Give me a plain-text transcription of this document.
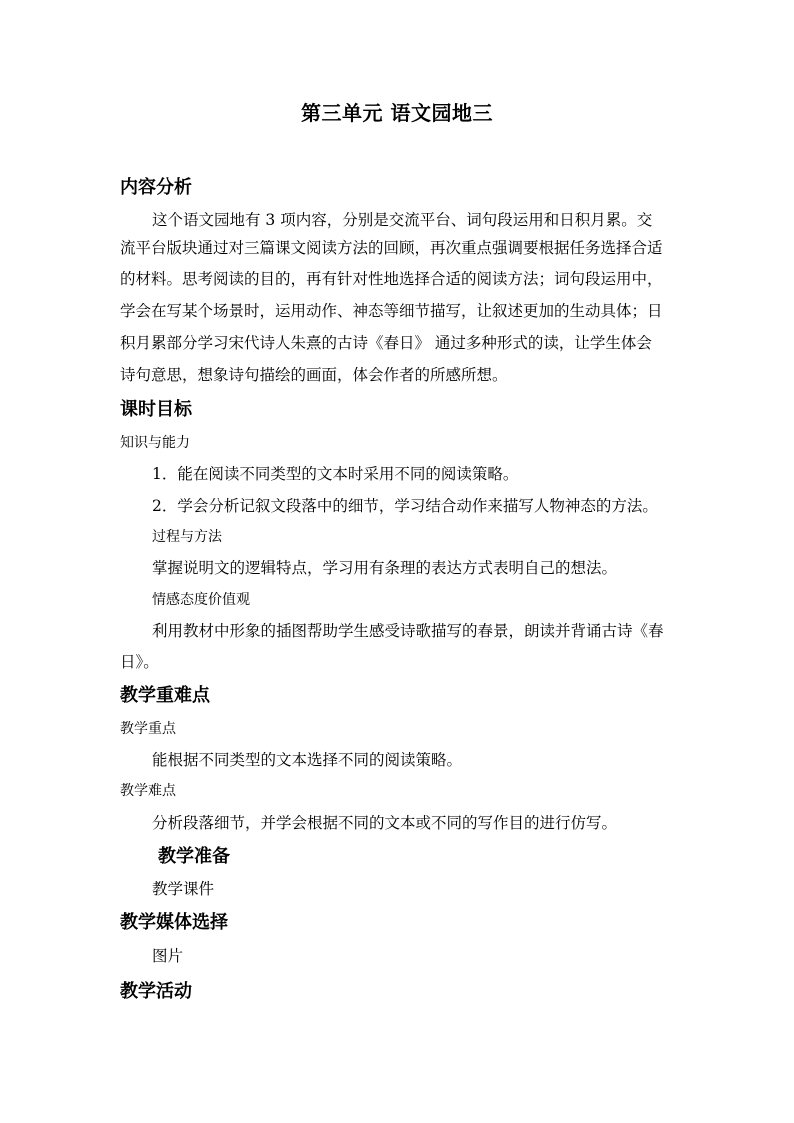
第三单元 语文园地三
内容分析
这个语文园地有 3 项内容，分别是交流平台、词句段运用和日积月累。交
流平台版块通过对三篇课文阅读方法的回顾，再次重点强调要根据任务选择合适
的材料。思考阅读的目的，再有针对性地选择合适的阅读方法；词句段运用中，
学会在写某个场景时，运用动作、神态等细节描写，让叙述更加的生动具体；日
积月累部分学习宋代诗人朱熹的古诗《春日》 通过多种形式的读，让学生体会
诗句意思，想象诗句描绘的画面，体会作者的所感所想。
课时目标
知识与能力
1．能在阅读不同类型的文本时采用不同的阅读策略。
2．学会分析记叙文段落中的细节，学习结合动作来描写人物神态的方法。
过程与方法
掌握说明文的逻辑特点，学习用有条理的表达方式表明自己的想法。
情感态度价值观
利用教材中形象的插图帮助学生感受诗歌描写的春景，朗读并背诵古诗《春
日》。
教学重难点
教学重点
能根据不同类型的文本选择不同的阅读策略。
教学难点
分析段落细节，并学会根据不同的文本或不同的写作目的进行仿写。
教学准备
教学课件
教学媒体选择
图片
教学活动
